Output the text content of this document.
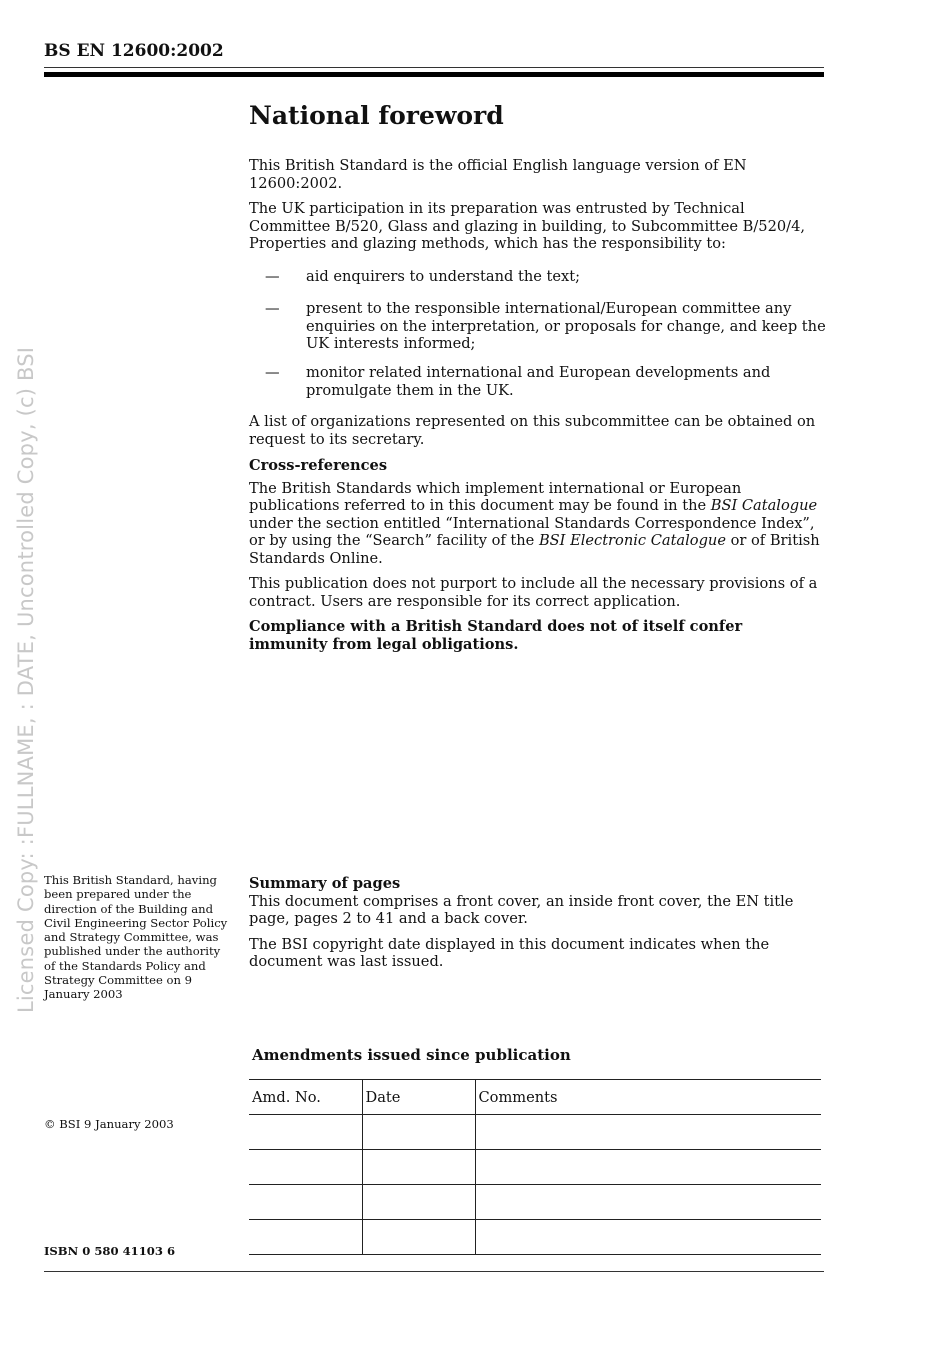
BS EN 12600:2002
Licensed Copy: :FULLNAME, : DATE, Uncontrolled Copy, (c) BSI
National foreword

This British Standard is the official English language version of EN 12600:2002.

The UK participation in its preparation was entrusted by Technical Committee B/520, Glass and glazing in building, to Subcommittee B/520/4, Properties and glazing methods, which has the responsibility to:

— aid enquirers to understand the text;
— present to the responsible international/European committee any enquiries on the interpretation, or proposals for change, and keep the UK interests informed;
— monitor related international and European developments and promulgate them in the UK.

A list of organizations represented on this subcommittee can be obtained on request to its secretary.

Cross-references

The British Standards which implement international or European publications referred to in this document may be found in the BSI Catalogue under the section entitled “International Standards Correspondence Index”, or by using the “Search” facility of the BSI Electronic Catalogue or of British Standards Online.

This publication does not purport to include all the necessary provisions of a contract. Users are responsible for its correct application.

Compliance with a British Standard does not of itself confer immunity from legal obligations.

This British Standard, having been prepared under the direction of the Building and Civil Engineering Sector Policy and Strategy Committee, was published under the authority of the Standards Policy and Strategy Committee on 9 January 2003

Summary of pages

This document comprises a front cover, an inside front cover, the EN title page, pages 2 to 41 and a back cover.

The BSI copyright date displayed in this document indicates when the document was last issued.

Amendments issued since publication
Amd. No.	Date	Comments

© BSI 9 January 2003
ISBN 0 580 41103 6
